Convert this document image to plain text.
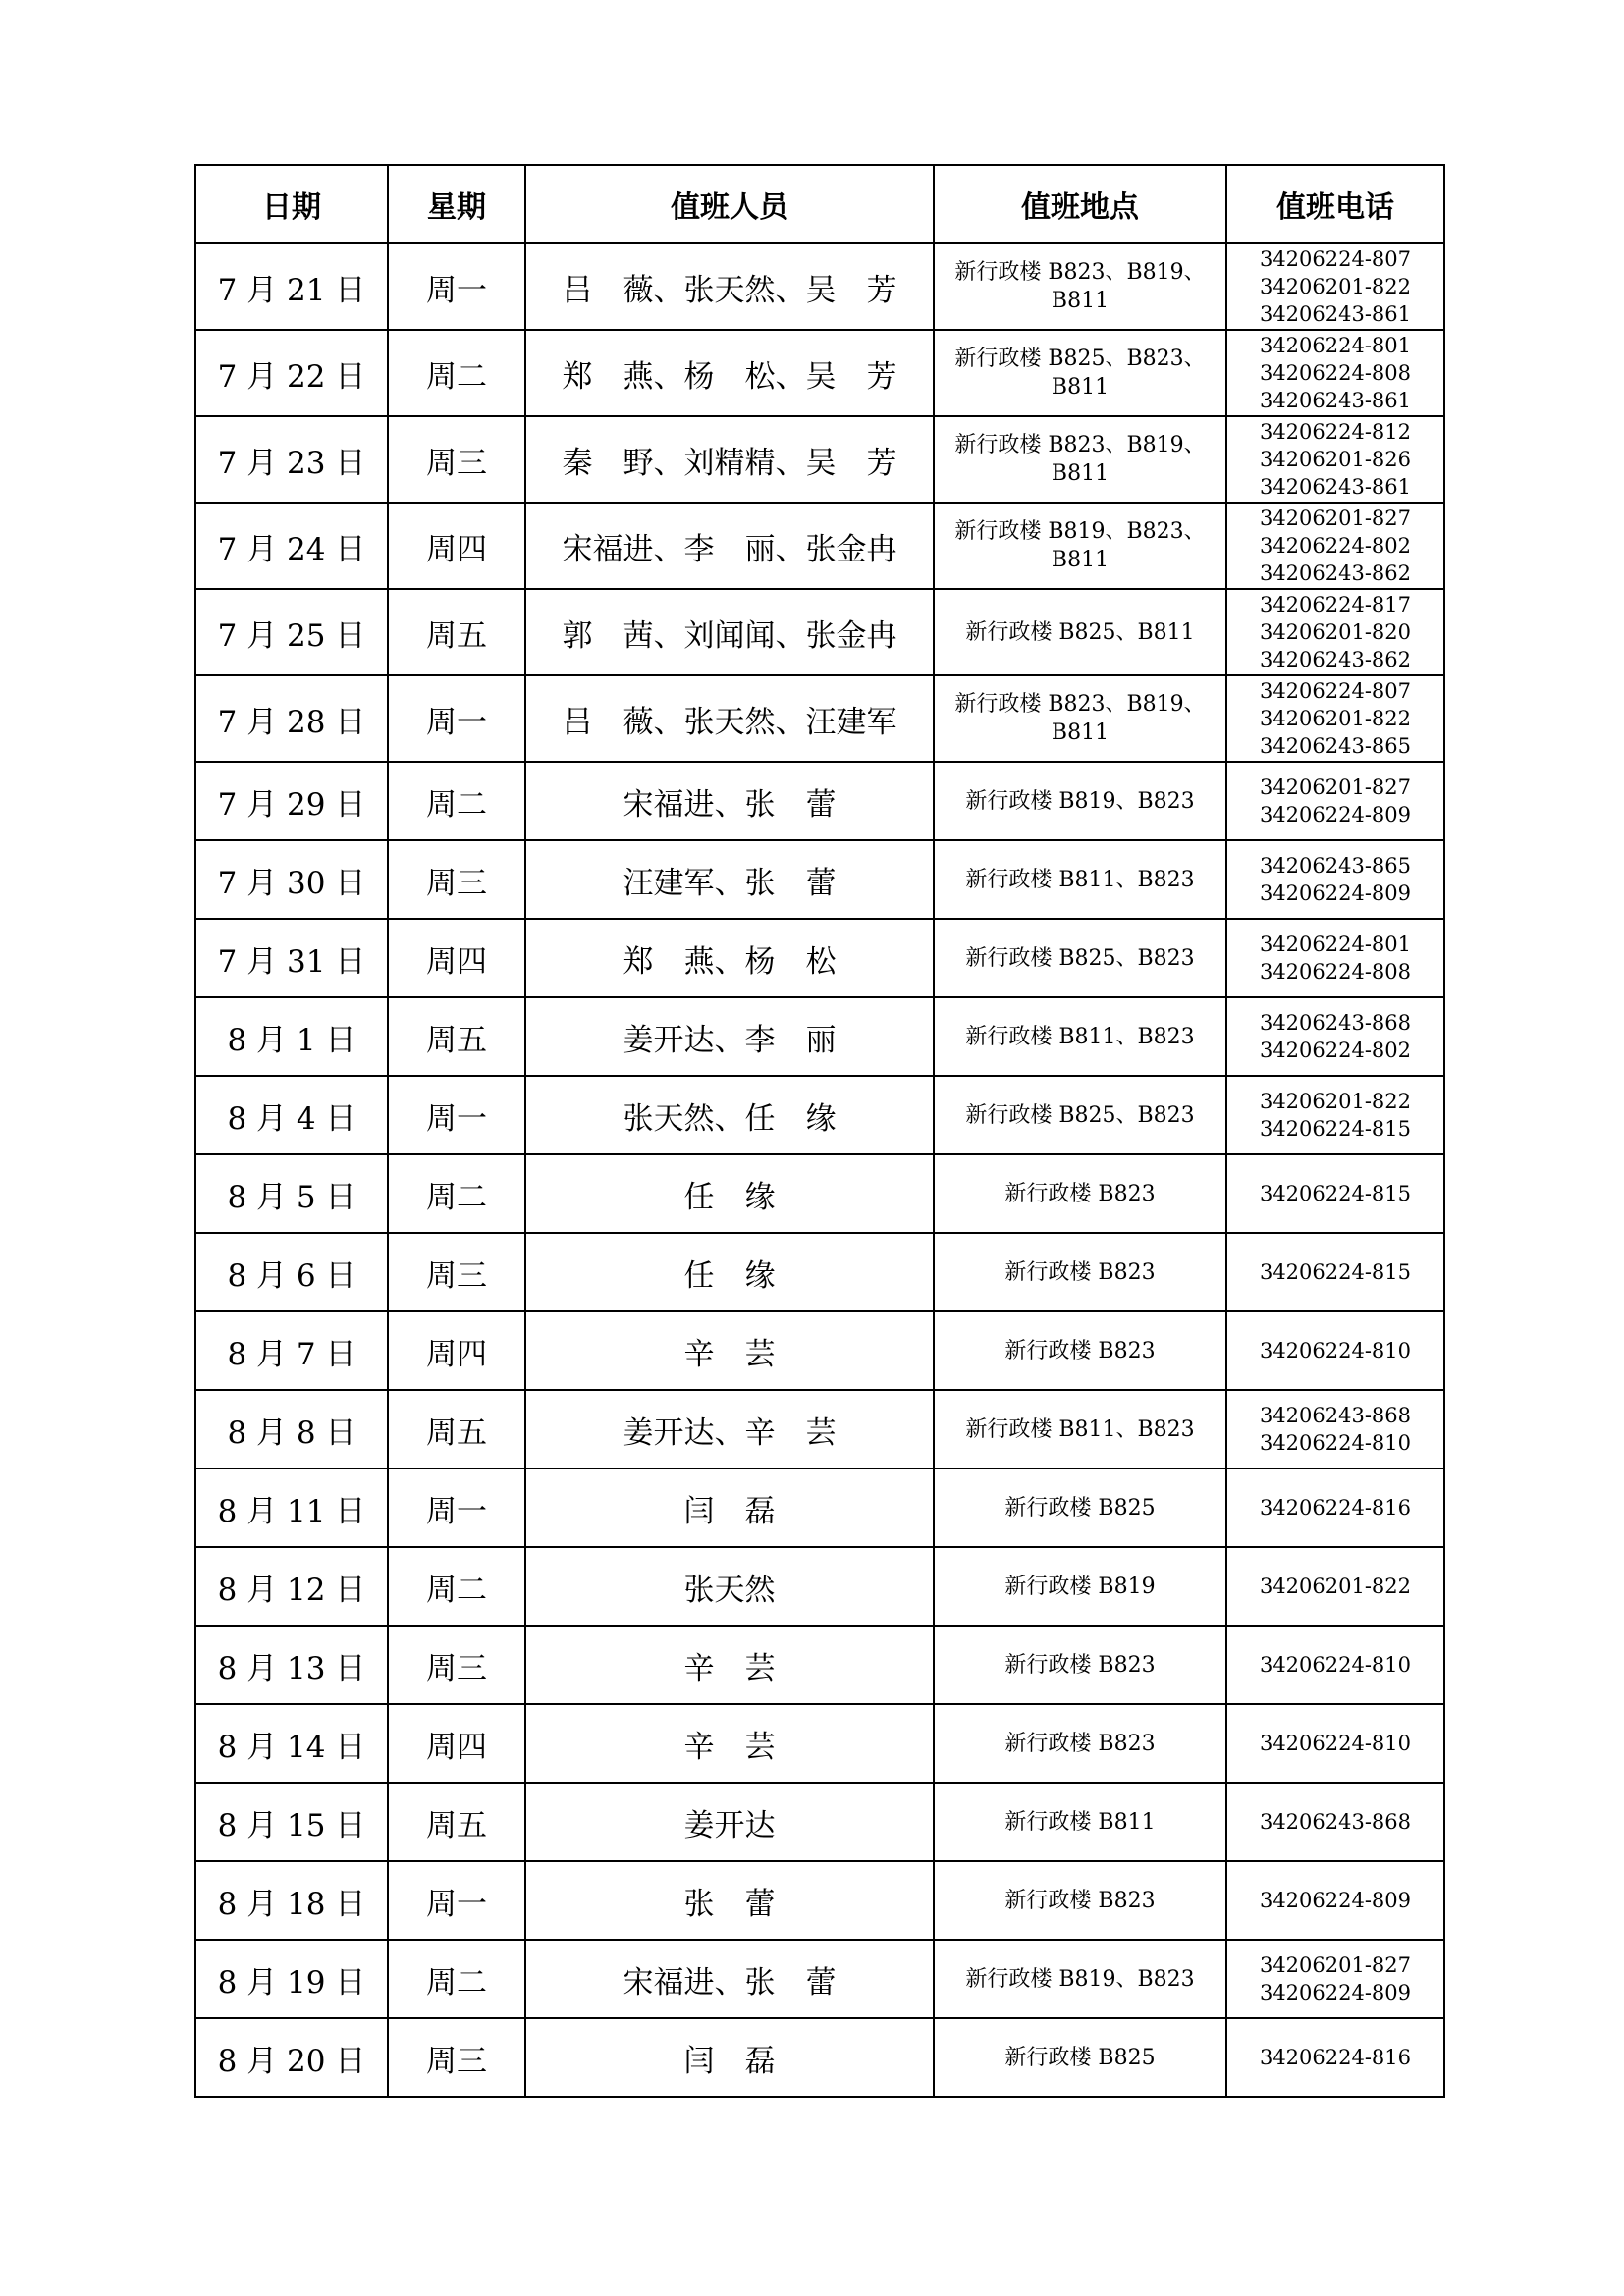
日期	星期	值班人员	值班地点	值班电话
7 月 21 日	周一	吕　薇、张天然、吴　芳	新行政楼 B823、B819、
B811	34206224-807
34206201-822
34206243-861

7 月 22 日	周二	郑　燕、杨　松、吴　芳	新行政楼 B825、B823、
B811	34206224-801
34206224-808
34206243-861

7 月 23 日	周三	秦　野、刘精精、吴　芳	新行政楼 B823、B819、
B811	34206224-812
34206201-826
34206243-861

7 月 24 日	周四	宋福进、李　丽、张金冉	新行政楼 B819、B823、
B811	34206201-827
34206224-802
34206243-862

7 月 25 日	周五	郭　茜、刘闻闻、张金冉	新行政楼 B825、B811	34206224-817
34206201-820
34206243-862

7 月 28 日	周一	吕　薇、张天然、汪建军	新行政楼 B823、B819、
B811	34206224-807
34206201-822
34206243-865

7 月 29 日	周二	宋福进、张　蕾	新行政楼 B819、B823	34206201-827
34206224-809

7 月 30 日	周三	汪建军、张　蕾	新行政楼 B811、B823	34206243-865
34206224-809

7 月 31 日	周四	郑　燕、杨　松	新行政楼 B825、B823	34206224-801
34206224-808

8 月 1 日	周五	姜开达、李　丽	新行政楼 B811、B823	34206243-868
34206224-802

8 月 4 日	周一	张天然、任　缘	新行政楼 B825、B823	34206201-822
34206224-815

8 月 5 日	周二	任　缘	新行政楼 B823	34206224-815

8 月 6 日	周三	任　缘	新行政楼 B823	34206224-815

8 月 7 日	周四	辛　芸	新行政楼 B823	34206224-810

8 月 8 日	周五	姜开达、辛　芸	新行政楼 B811、B823	34206243-868
34206224-810

8 月 11 日	周一	闫　磊	新行政楼 B825	34206224-816

8 月 12 日	周二	张天然	新行政楼 B819	34206201-822

8 月 13 日	周三	辛　芸	新行政楼 B823	34206224-810

8 月 14 日	周四	辛　芸	新行政楼 B823	34206224-810

8 月 15 日	周五	姜开达	新行政楼 B811	34206243-868

8 月 18 日	周一	张　蕾	新行政楼 B823	34206224-809

8 月 19 日	周二	宋福进、张　蕾	新行政楼 B819、B823	34206201-827
34206224-809

8 月 20 日	周三	闫　磊	新行政楼 B825	34206224-816
